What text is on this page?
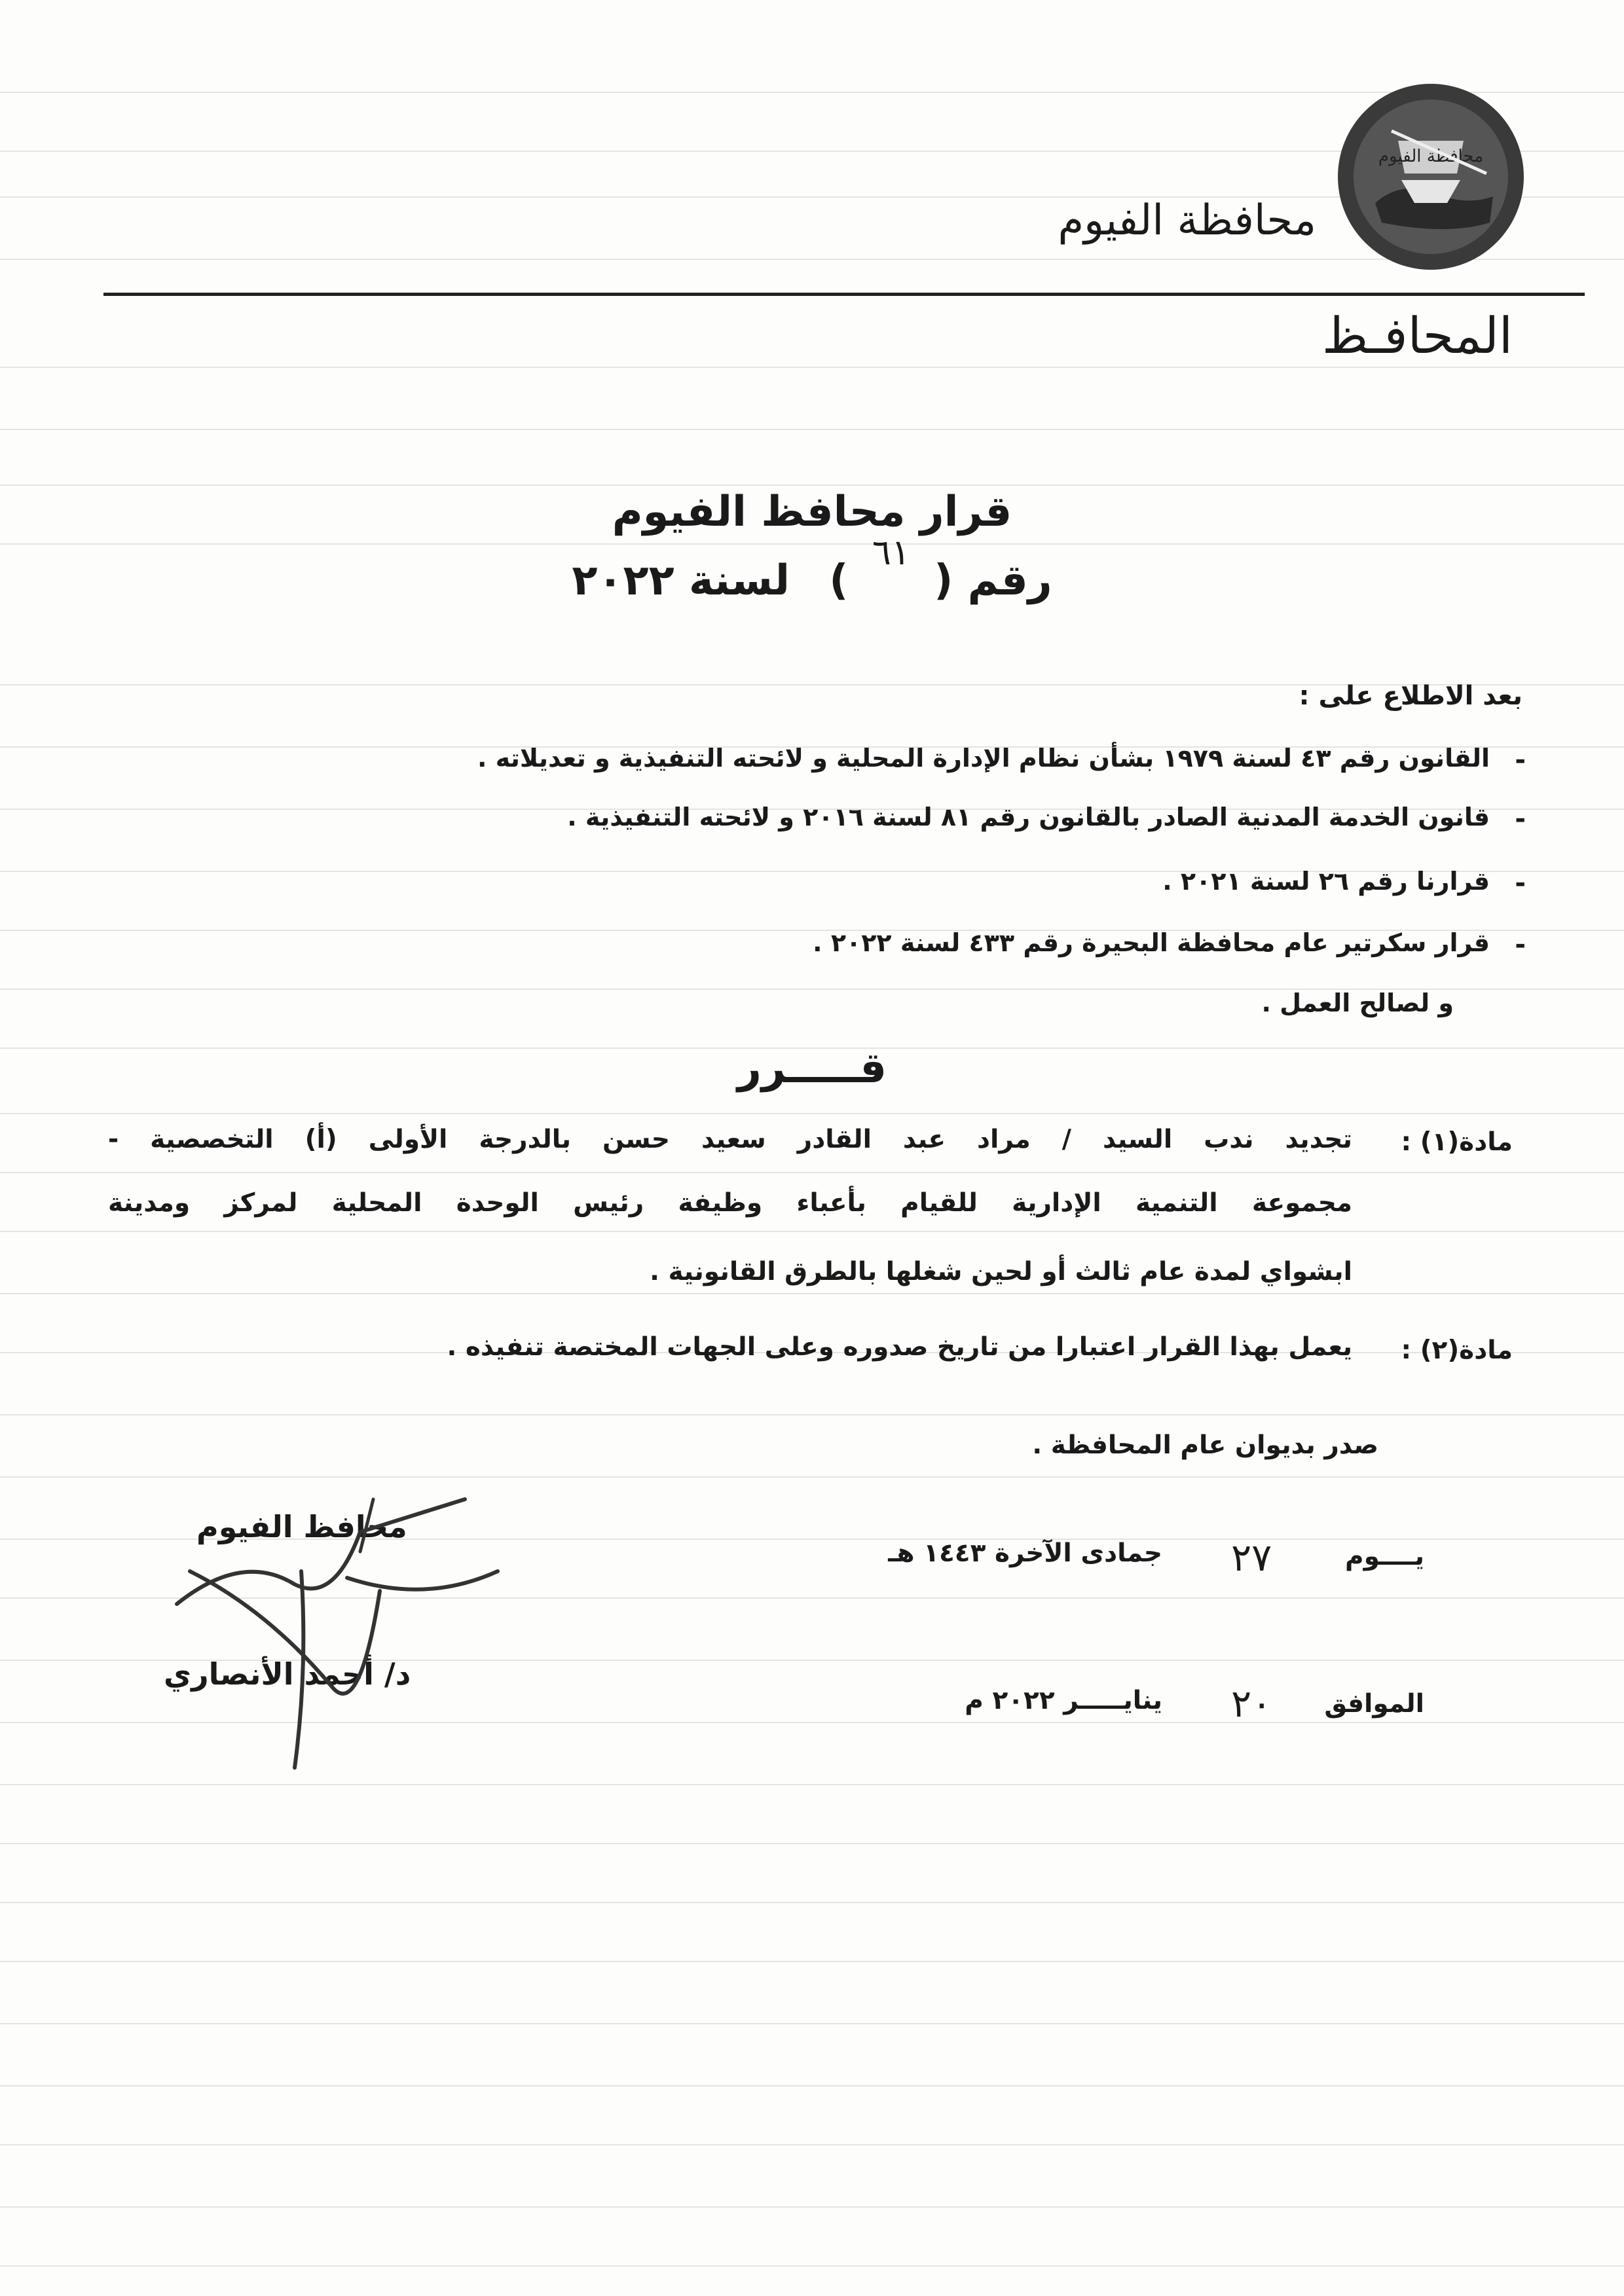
محافظة الفيوم
محافظة الفيوم
المحافـظ
قرار محافظ الفيوم
رقم ( $^{٦١}$ ) لسنة ٢٠٢٢
بعد الاطلاع على :
-
القانون رقم ٤٣ لسنة ١٩٧٩ بشأن نظام الإدارة المحلية و لائحته التنفيذية و تعديلاته .
-
قانون الخدمة المدنية الصادر بالقانون رقم ٨١ لسنة ٢٠١٦ و لائحته التنفيذية .
-
قرارنا رقم ٢٦ لسنة ٢٠٢١ .
-
قرار سكرتير عام محافظة البحيرة رقم ٤٣٣ لسنة ٢٠٢٢ .
و لصالح العمل .
قـــــرر
مادة(١) :
تجديد ندب السيد / مراد عبد القادر سعيد حسن بالدرجة الأولى (أ) التخصصية -
مجموعة التنمية الإدارية للقيام بأعباء وظيفة رئيس الوحدة المحلية لمركز ومدينة
ابشواي لمدة عام ثالث أو لحين شغلها بالطرق القانونية .
مادة(٢) :
يعمل بهذا القرار اعتبارا من تاريخ صدوره وعلى الجهات المختصة تنفيذه .
صدر بديوان عام المحافظة .
يــــوم
٢٧
جمادى الآخرة ١٤٤٣ هـ
الموافق
٢٠
ينايـــــر ٢٠٢٢ م
محافظ الفيوم
د/ أحمد الأنصاري
